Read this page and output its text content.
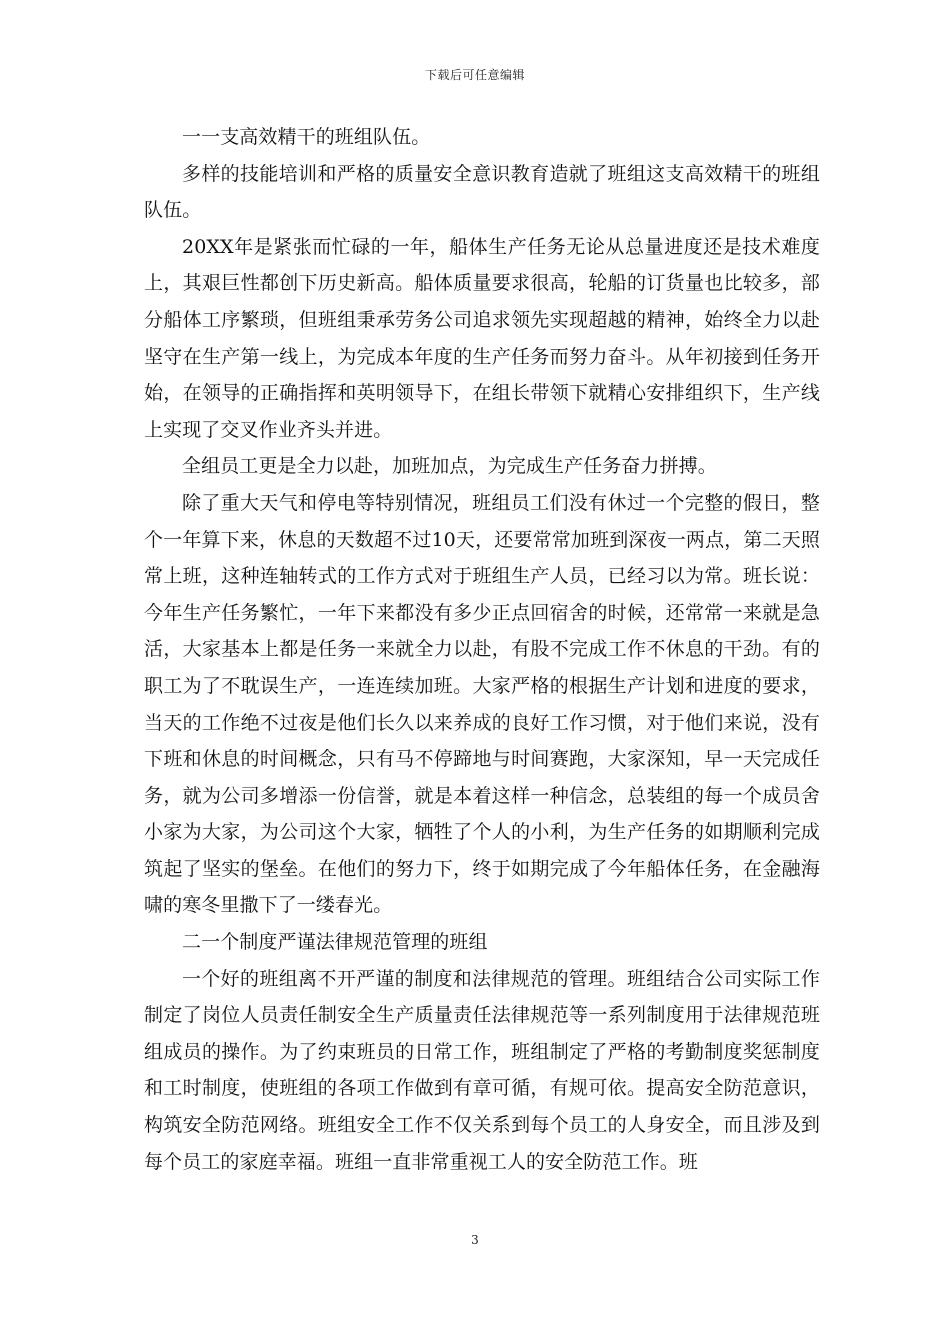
下载后可任意编辑

一一支高效精干的班组队伍。

多样的技能培训和严格的质量安全意识教育造就了班组这支高效精干的班组队伍。

20XX年是紧张而忙碌的一年，船体生产任务无论从总量进度还是技术难度上，其艰巨性都创下历史新高。船体质量要求很高，轮船的订货量也比较多，部分船体工序繁琐，但班组秉承劳务公司追求领先实现超越的精神，始终全力以赴坚守在生产第一线上，为完成本年度的生产任务而努力奋斗。从年初接到任务开始，在领导的正确指挥和英明领导下，在组长带领下就精心安排组织下，生产线上实现了交叉作业齐头并进。

全组员工更是全力以赴，加班加点，为完成生产任务奋力拼搏。

除了重大天气和停电等特别情况，班组员工们没有休过一个完整的假日，整个一年算下来，休息的天数超不过10天，还要常常加班到深夜一两点，第二天照常上班，这种连轴转式的工作方式对于班组生产人员，已经习以为常。班长说：今年生产任务繁忙，一年下来都没有多少正点回宿舍的时候，还常常一来就是急活，大家基本上都是任务一来就全力以赴，有股不完成工作不休息的干劲。有的职工为了不耽误生产，一连连续加班。大家严格的根据生产计划和进度的要求，当天的工作绝不过夜是他们长久以来养成的良好工作习惯，对于他们来说，没有下班和休息的时间概念，只有马不停蹄地与时间赛跑，大家深知，早一天完成任务，就为公司多增添一份信誉，就是本着这样一种信念，总装组的每一个成员舍小家为大家，为公司这个大家，牺牲了个人的小利，为生产任务的如期顺利完成筑起了坚实的堡垒。在他们的努力下，终于如期完成了今年船体任务，在金融海啸的寒冬里撒下了一缕春光。

二一个制度严谨法律规范管理的班组

一个好的班组离不开严谨的制度和法律规范的管理。班组结合公司实际工作制定了岗位人员责任制安全生产质量责任法律规范等一系列制度用于法律规范班组成员的操作。为了约束班员的日常工作，班组制定了严格的考勤制度奖惩制度和工时制度，使班组的各项工作做到有章可循，有规可依。提高安全防范意识，构筑安全防范网络。班组安全工作不仅关系到每个员工的人身安全，而且涉及到每个员工的家庭幸福。班组一直非常重视工人的安全防范工作。班

3
